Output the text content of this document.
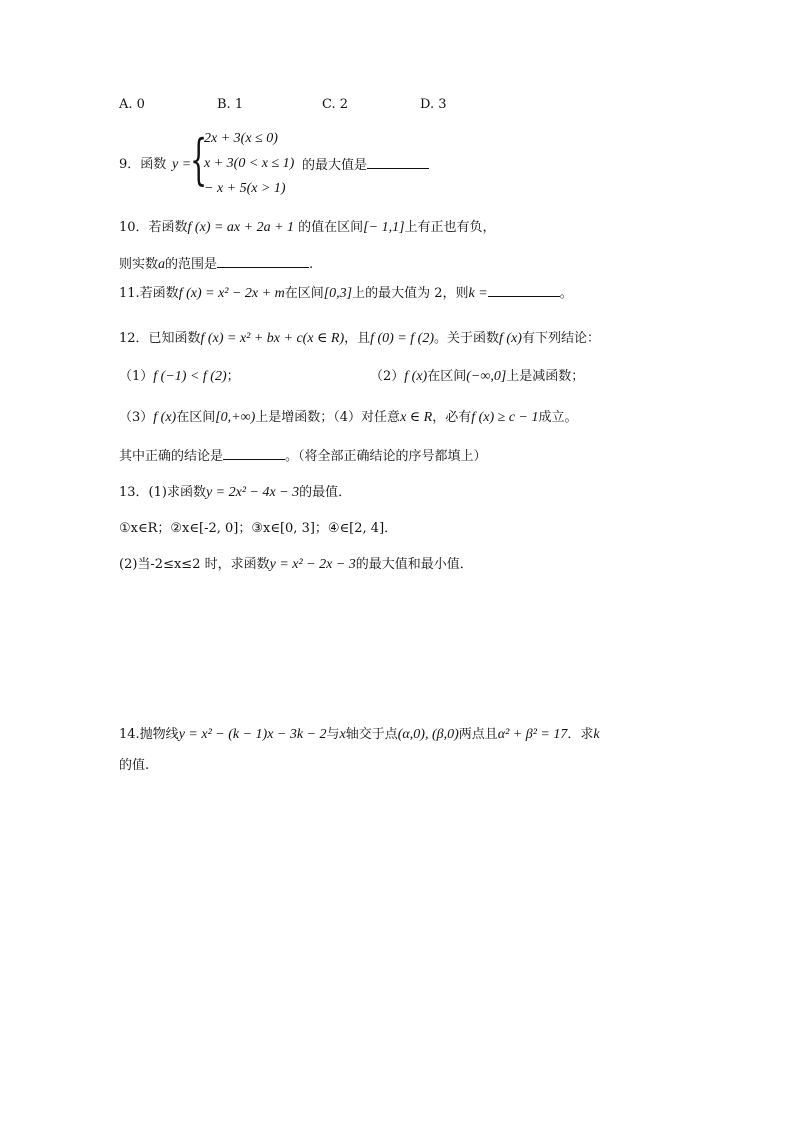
A. 0	B. 1	C. 2	D. 3
9．函数 y =
{
2x + 3(x ≤ 0)
x + 3(0 < x ≤ 1)
− x + 5(x > 1)
的最大值是
10．若函数f (x) = ax + 2a + 1 的值在区间[− 1,1]上有正也有负，
则实数a的范围是	.
11.若函数f (x) = x² − 2x + m在区间[0,3]上的最大值为 2，则k =	。
12．已知函数f (x) = x² + bx + c(x ∈ R)，且f (0) = f (2)。关于函数f (x)有下列结论：
（1）f (−1) < f (2)；	（2）f (x)在区间(−∞,0]上是减函数；
（3）f (x)在区间[0,+∞)上是增函数；（4）对任意x ∈ R，必有f (x) ≥ c − 1成立。
其中正确的结论是	。（将全部正确结论的序号都填上）
13．(1)求函数y = 2x² − 4x − 3的最值．
①x∈R；②x∈[-2, 0]；③x∈[0, 3]；④∈[2, 4]．
(2)当-2≤x≤2 时，求函数y = x² − 2x − 3的最大值和最小值．
14.抛物线y = x² − (k − 1)x − 3k − 2与x轴交于点(α,0), (β,0)两点且α² + β² = 17．求k
的值.
